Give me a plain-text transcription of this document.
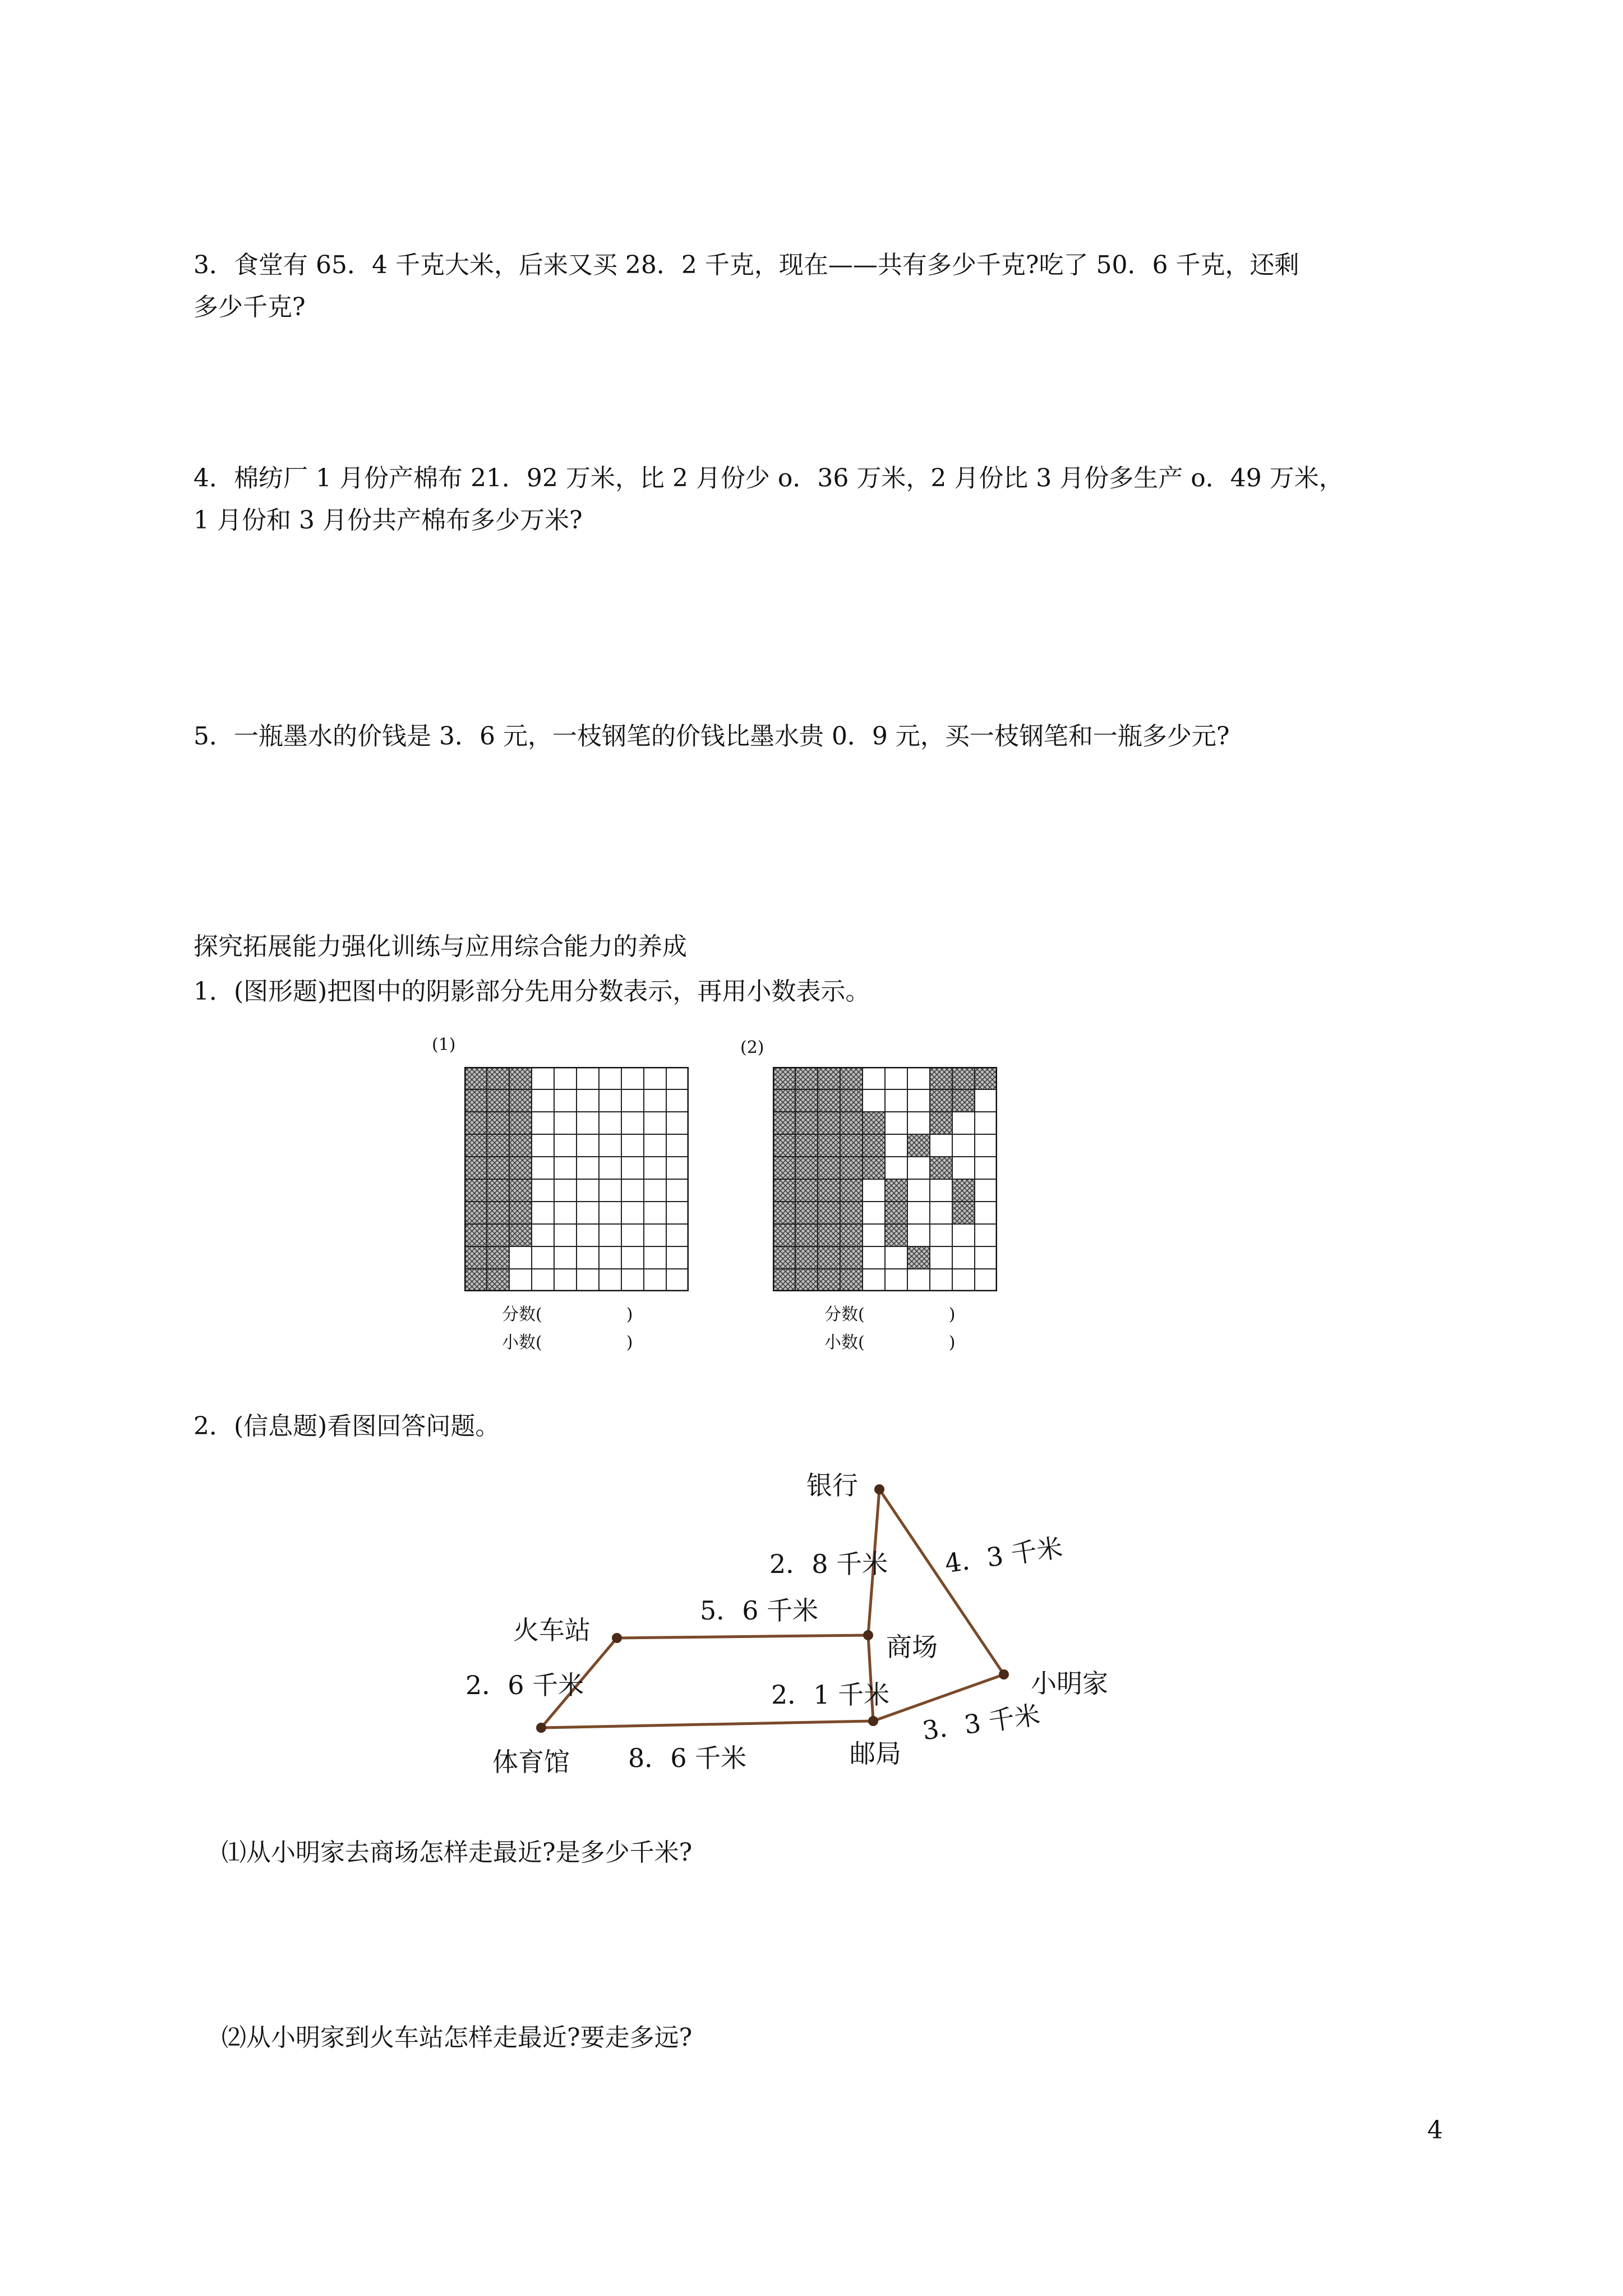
3．食堂有 65．4 千克大米，后来又买 28．2 千克，现在——共有多少千克?吃了 50．6 千克，还剩
多少千克?
4．棉纺厂 1 月份产棉布 21．92 万米，比 2 月份少 o．36 万米，2 月份比 3 月份多生产 o．49 万米，
1 月份和 3 月份共产棉布多少万米?
5．一瓶墨水的价钱是 3．6 元，一枝钢笔的价钱比墨水贵 0．9 元，买一枝钢笔和一瓶多少元?
探究拓展能力强化训练与应用综合能力的养成
1．(图形题)把图中的阴影部分先用分数表示，再用小数表示。
(1)
分数(　　　　　)
小数(　　　　　)
(2)
分数(　　　　　)
小数(　　　　　)
2．(信息题)看图回答问题。
银行
火车站
商场
小明家
体育馆	邮局
2．8 千米 4．3 千米
5．6 千米
2．6 千米	2．1 千米
8．6 千米
3．3 千米
⑴从小明家去商场怎样走最近?是多少千米?
⑵从小明家到火车站怎样走最近?要走多远?
4
